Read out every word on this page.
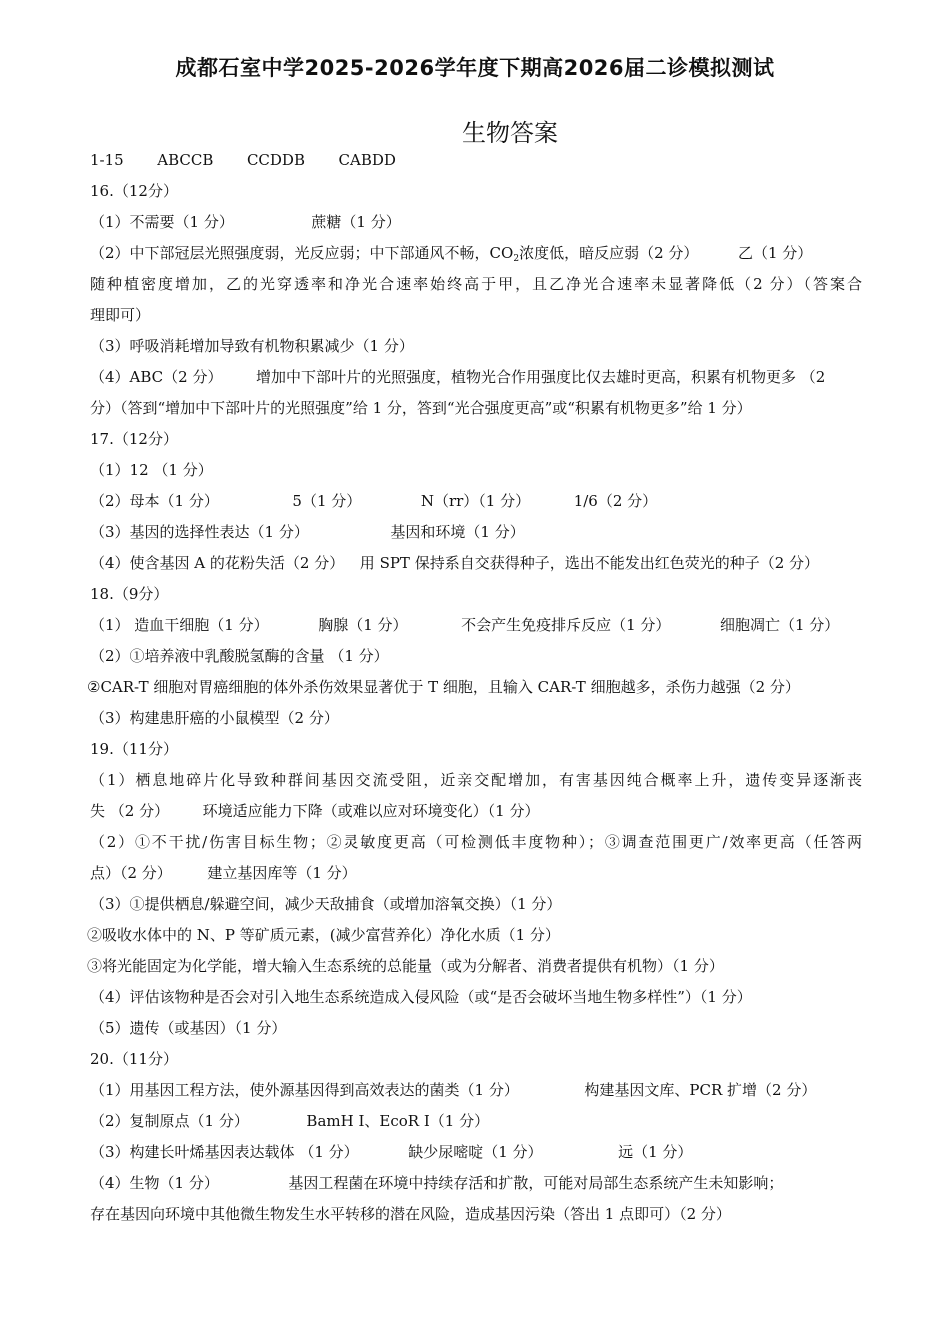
成都石室中学2025-2026学年度下期高2026届二诊模拟测试
生物答案
1-15 ABCCB CCDDB CABDD
16.（12分）
（1）不需要（1 分）	蔗糖（1 分）
（2）中下部冠层光照强度弱，光反应弱；中下部通风不畅，$CO_2$浓度低，暗反应弱（2 分）	乙（1 分）
随种植密度增加，乙的光穿透率和净光合速率始终高于甲，且乙净光合速率未显著降低（2 分）（答案合
理即可）
（3）呼吸消耗增加导致有机物积累减少（1 分）
（4）ABC（2 分） 增加中下部叶片的光照强度，植物光合作用强度比仅去雄时更高，积累有机物更多 （2
分）（答到“增加中下部叶片的光照强度”给 1 分，答到“光合强度更高”或“积累有机物更多”给 1 分）
17.（12分）
（1）12 （1 分）
（2）母本（1 分）	5（1 分）	N（rr）（1 分）	1/6（2 分）
（3）基因的选择性表达（1 分）	基因和环境（1 分）
（4）使含基因 A 的花粉失活（2 分） 用 SPT 保持系自交获得种子，选出不能发出红色荧光的种子（2 分）
18.（9分）
（1） 造血干细胞（1 分）	胸腺（1 分）	不会产生免疫排斥反应（1 分）	细胞凋亡（1 分）
（2）①培养液中乳酸脱氢酶的含量 （1 分）
②CAR-T 细胞对胃癌细胞的体外杀伤效果显著优于 T 细胞，且输入 CAR-T 细胞越多，杀伤力越强（2 分）
（3）构建患肝癌的小鼠模型（2 分）
19.（11分）
（1）栖息地碎片化导致种群间基因交流受阻，近亲交配增加，有害基因纯合概率上升，遗传变异逐渐丧
失 （2 分） 环境适应能力下降（或难以应对环境变化）（1 分）
（2）①不干扰/伤害目标生物；②灵敏度更高（可检测低丰度物种）；③调查范围更广/效率更高（任答两
点）（2 分） 建立基因库等（1 分）
（3）①提供栖息/躲避空间，减少天敌捕食（或增加溶氧交换）（1 分）
②吸收水体中的 N、P 等矿质元素，(减少富营养化）净化水质（1 分）
③将光能固定为化学能，增大输入生态系统的总能量（或为分解者、消费者提供有机物）（1 分）
（4）评估该物种是否会对引入地生态系统造成入侵风险（或“是否会破坏当地生物多样性”）（1 分）
（5）遗传（或基因）（1 分）
20.（11分）
（1）用基因工程方法，使外源基因得到高效表达的菌类（1 分）	构建基因文库、PCR 扩增（2 分）
（2）复制原点（1 分）	BamH I、EcoR I（1 分）
（3）构建长叶烯基因表达载体 （1 分）	缺少尿嘧啶（1 分）	远（1 分）
（4）生物（1 分）	基因工程菌在环境中持续存活和扩散，可能对局部生态系统产生未知影响；
存在基因向环境中其他微生物发生水平转移的潜在风险，造成基因污染（答出 1 点即可）（2 分）
